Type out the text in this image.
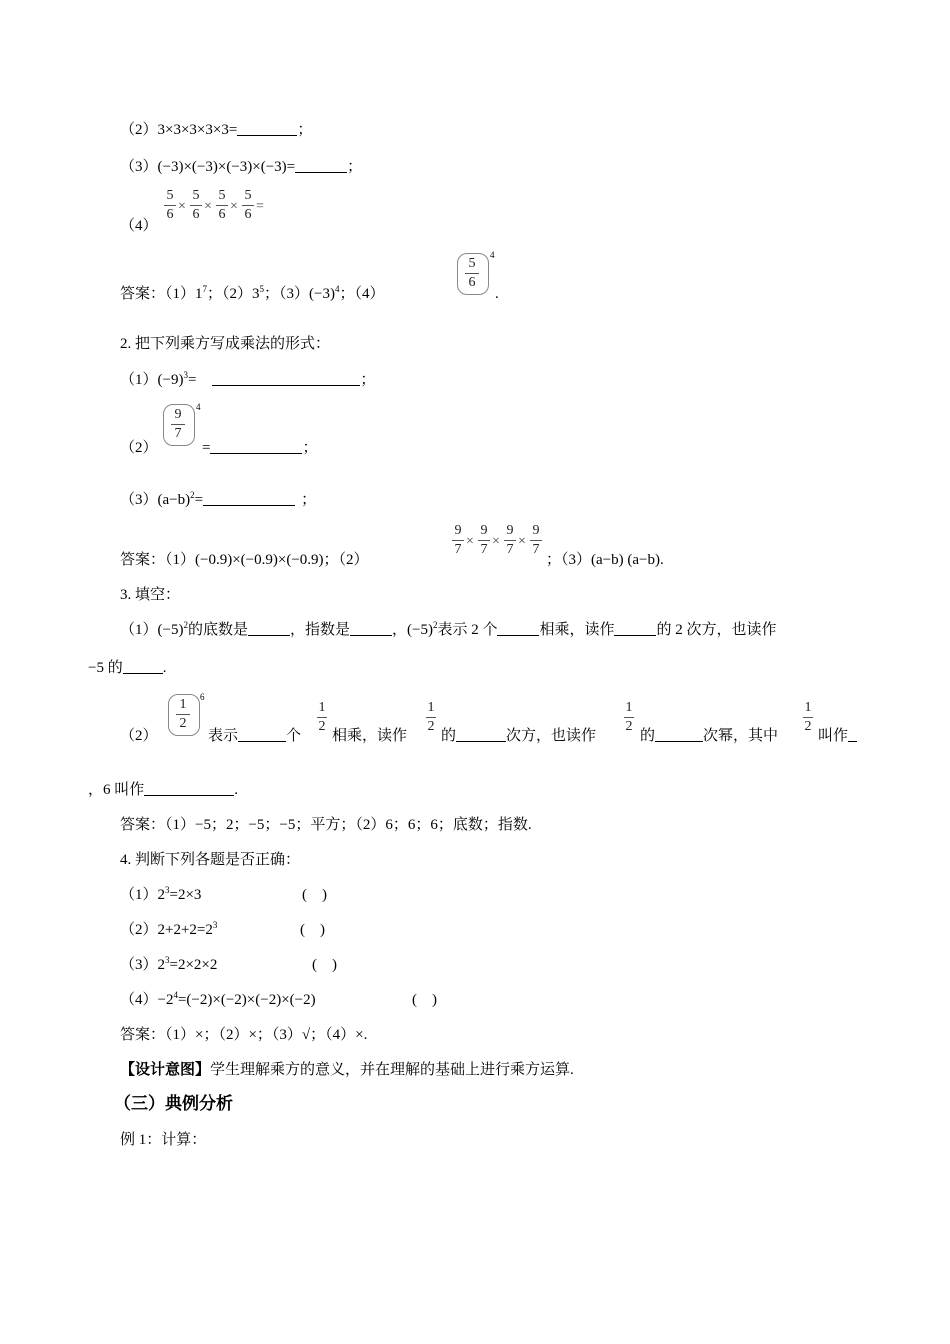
（2）3×3×3×3×3=	；
（3）(−3)×(−3)×(−3)×(−3)=	；
（4）
5
6
×
5
6
×
5
6
×
5
6
=
答案：$(1)1^7$；$(2)3^5$；$(3)(-3)^4$；（4）
5
6
4
.
2. 把下列乘方写成乘法的形式：
$(1)(-9)^3=$	；
（2）
9
7
4
=	；
$(3)(a-b)^2=$	；
答案：（1）(−0.9)×(−0.9)×(−0.9)；（2）
9
7
×
9
7
×
9
7
×
9
7
；（3）(a−b) (a−b).
3. 填空：
$(1)(-5)^2$的底数是	，指数是	，$(-5)^2$表示 2 个	相乘，读作	的 2 次方，也读作
−5 的	.
（2）
1
2
6
表示	个
1
2
相乘，读作
1
2
的	次方，也读作
1
2
的	次幂，其中
1
2
叫作
，6 叫作	.
答案：（1）−5；2；−5；−5；平方；（2）6；6；6；底数；指数.
4. 判断下列各题是否正确：
$(1)2^3=2\times 3$	(    )
$(2)2+2+2=2^3$	(    )
$(3)2^3=2\times 2\times 2$	(    )
$(4)-2^4=(-2)\times(-2)\times(-2)\times(-2)$	(    )
答案：（1）×；（2）×；（3）√；（4）×.
【设计意图】学生理解乘方的意义，并在理解的基础上进行乘方运算.
（三）典例分析
例 1：计算：
